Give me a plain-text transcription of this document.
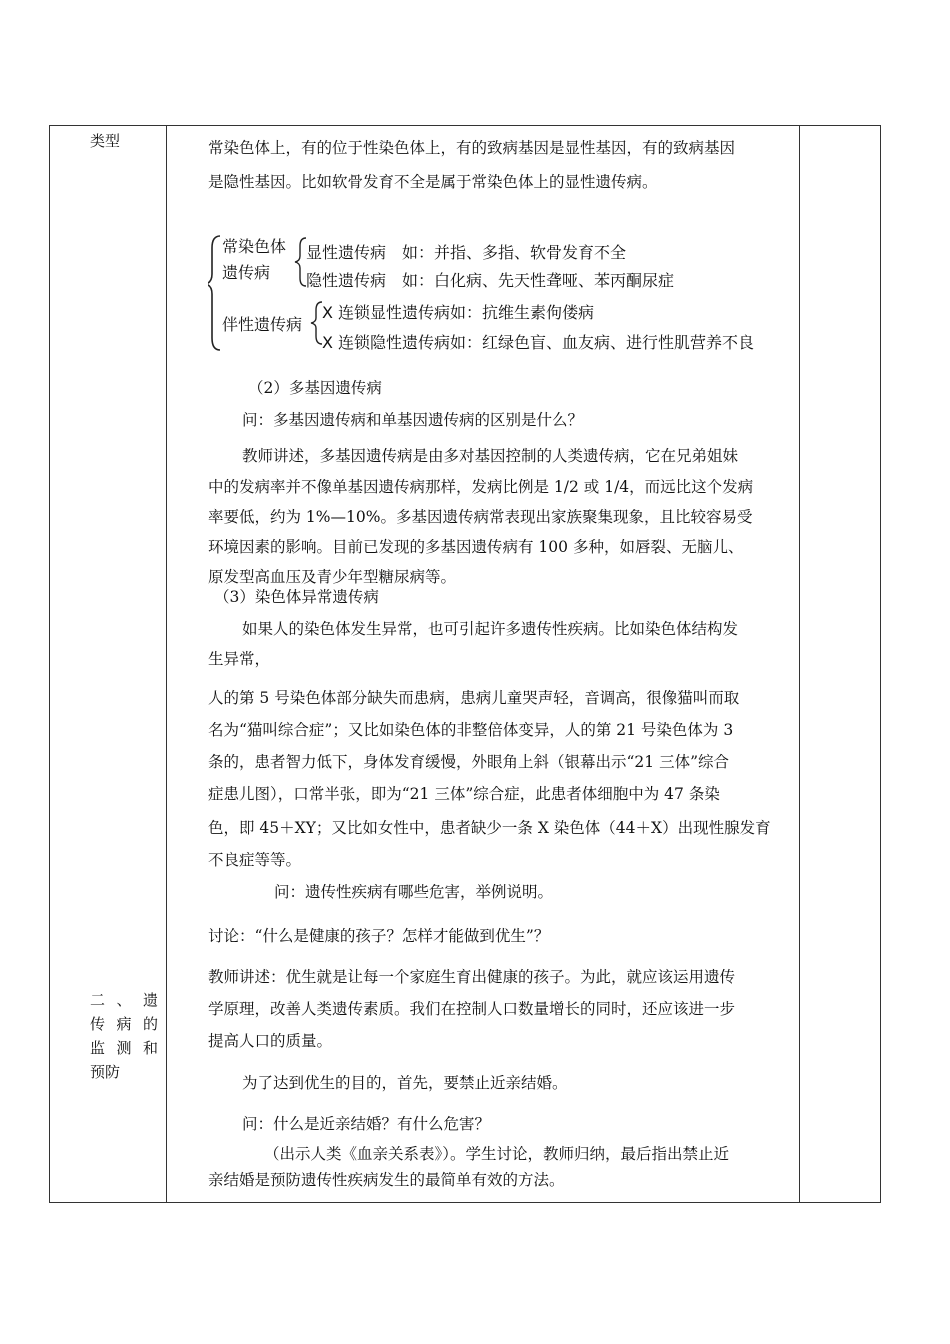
类型
二 、 遗
传 病 的
监 测 和
预防

常染色体上，有的位于性染色体上，有的致病基因是显性基因，有的致病基因

是隐性基因。比如软骨发育不全是属于常染色体上的显性遗传病。

（2）多基因遗传病

问：多基因遗传病和单基因遗传病的区别是什么？

教师讲述，多基因遗传病是由多对基因控制的人类遗传病，它在兄弟姐妹

中的发病率并不像单基因遗传病那样，发病比例是 1/2 或 1/4，而远比这个发病

率要低，约为 1%—10%。多基因遗传病常表现出家族聚集现象，且比较容易受

环境因素的影响。目前已发现的多基因遗传病有 100 多种，如唇裂、无脑儿、

原发型高血压及青少年型糖尿病等。

（3）染色体异常遗传病

如果人的染色体发生异常，也可引起许多遗传性疾病。比如染色体结构发

生异常，

人的第 5 号染色体部分缺失而患病，患病儿童哭声轻，音调高，很像猫叫而取

名为“猫叫综合症”；又比如染色体的非整倍体变异，人的第 21 号染色体为 3

条的，患者智力低下，身体发育缓慢，外眼角上斜（银幕出示“21 三体”综合

症患儿图），口常半张，即为“21 三体”综合症，此患者体细胞中为 47 条染

色，即 45＋XY；又比如女性中，患者缺少一条 X 染色体（44＋X）出现性腺发育

不良症等等。

问：遗传性疾病有哪些危害，举例说明。

讨论：“什么是健康的孩子？怎样才能做到优生”？

教师讲述：优生就是让每一个家庭生育出健康的孩子。为此，就应该运用遗传

学原理，改善人类遗传素质。我们在控制人口数量增长的同时，还应该进一步

提高人口的质量。

为了达到优生的目的，首先，要禁止近亲结婚。

问：什么是近亲结婚？有什么危害？

（出示人类《血亲关系表》）。学生讨论，教师归纳，最后指出禁止近

亲结婚是预防遗传性疾病发生的最简单有效的方法。

常染色体
遗传病
显性遗传病　如：并指、多指、软骨发育不全
隐性遗传病　如：白化病、先天性聋哑、苯丙酮尿症
伴性遗传病
X 连锁显性遗传病如：抗维生素佝偻病
X 连锁隐性遗传病如：红绿色盲、血友病、进行性肌营养不良
